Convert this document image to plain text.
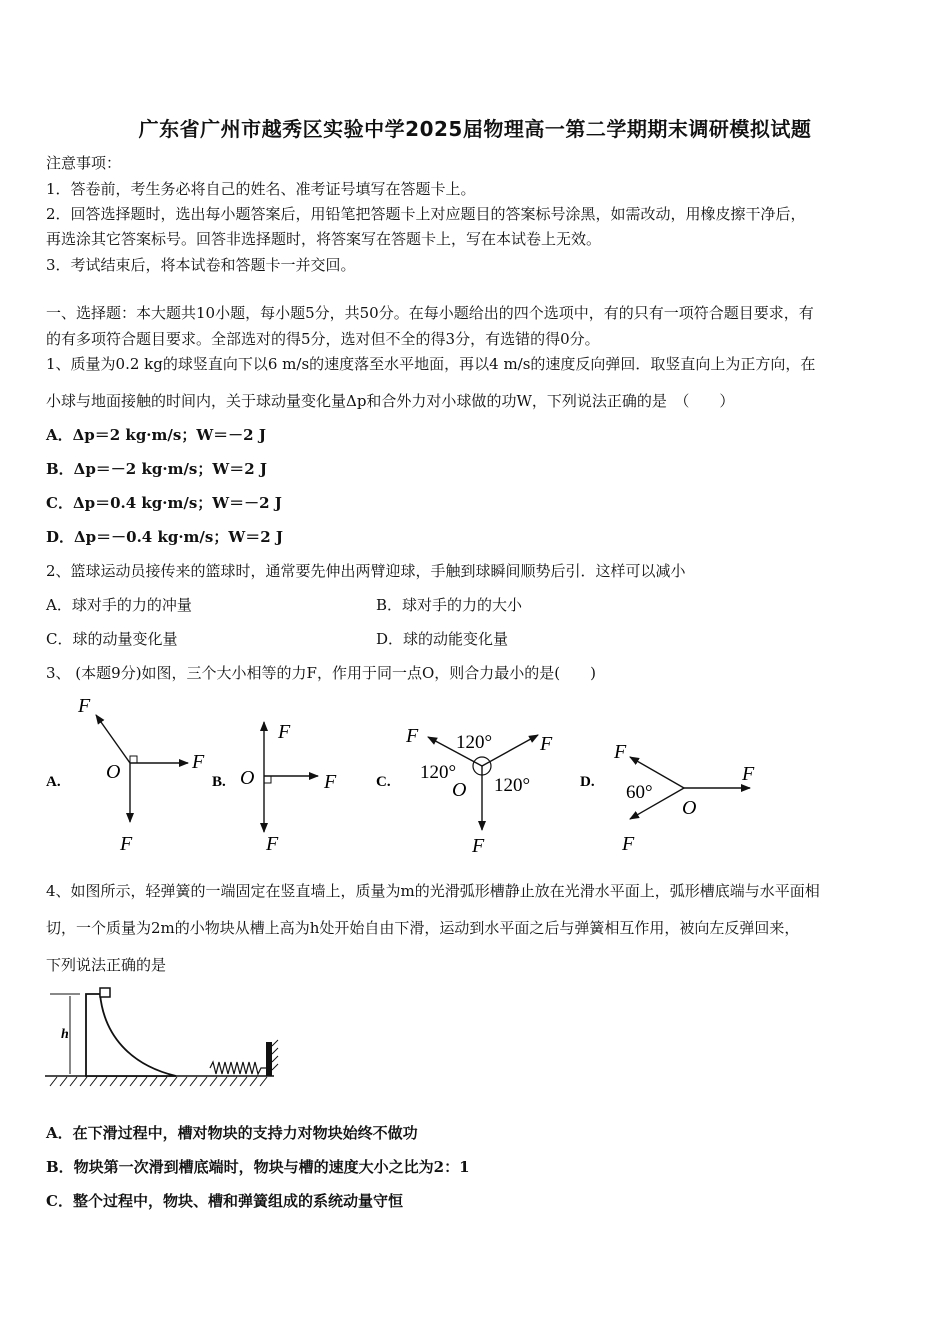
广东省广州市越秀区实验中学2025届物理高一第二学期期末调研模拟试题
注意事项：
1．答卷前，考生务必将自己的姓名、准考证号填写在答题卡上。
2．回答选择题时，选出每小题答案后，用铅笔把答题卡上对应题目的答案标号涂黑，如需改动，用橡皮擦干净后，
再选涂其它答案标号。回答非选择题时，将答案写在答题卡上，写在本试卷上无效。
3．考试结束后，将本试卷和答题卡一并交回。
一、选择题：本大题共10小题，每小题5分，共50分。在每小题给出的四个选项中，有的只有一项符合题目要求，有
的有多项符合题目要求。全部选对的得5分，选对但不全的得3分，有选错的得0分。
1、质量为0.2 kg的球竖直向下以6 m/s的速度落至水平地面，再以4 m/s的速度反向弹回．取竖直向上为正方向，在
小球与地面接触的时间内，关于球动量变化量Δp和合外力对小球做的功W，下列说法正确的是　（　　）
A．Δp＝2 kg·m/s；W＝－2 J
B．Δp＝－2 kg·m/s；W＝2 J
C．Δp＝0.4 kg·m/s；W＝－2 J
D．Δp＝－0.4 kg·m/s；W＝2 J
2、篮球运动员接传来的篮球时，通常要先伸出两臂迎球，手触到球瞬间顺势后引．这样可以减小
A．球对手的力的冲量	B．球对手的力的大小
C．球的动量变化量	D．球的动能变化量
3、 (本题9分)如图，三个大小相等的力F，作用于同一点O，则合力最小的是(　　)
A.
F
F
F
O	B.
F
F
F
O	C.
F	F
F
O
120°
120°
120°	D.
F
F
F
O
60°
4、如图所示，轻弹簧的一端固定在竖直墙上，质量为m的光滑弧形槽静止放在光滑水平面上，弧形槽底端与水平面相
切，一个质量为2m的小物块从槽上高为h处开始自由下滑，运动到水平面之后与弹簧相互作用，被向左反弹回来，
下列说法正确的是
h
A．在下滑过程中，槽对物块的支持力对物块始终不做功
B．物块第一次滑到槽底端时，物块与槽的速度大小之比为2：1
C．整个过程中，物块、槽和弹簧组成的系统动量守恒
